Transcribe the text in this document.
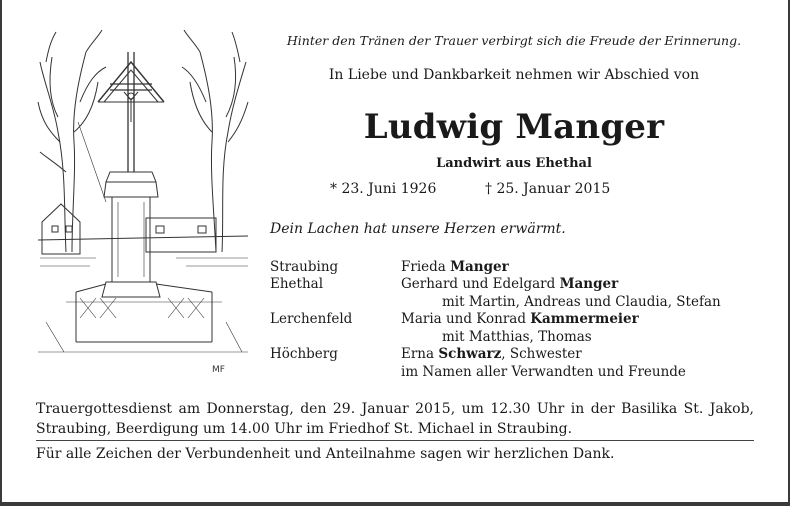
MF
Hinter den Tränen der Trauer verbirgt sich die Freude der Erinnerung.
In Liebe und Dankbarkeit nehmen wir Abschied von
Ludwig Manger
Landwirt aus Ehethal
* 23. Juni 1926	† 25. Januar 2015
Dein Lachen hat unsere Herzen erwärmt.
Straubing	Frieda Manger
Ehethal	Gerhard und Edelgard Manger
mit Martin, Andreas und Claudia, Stefan
Lerchenfeld	Maria und Konrad Kammermeier
mit Matthias, Thomas
Höchberg	Erna Schwarz, Schwester
im Namen aller Verwandten und Freunde
Trauergottesdienst am Donnerstag, den 29. Januar 2015, um 12.30 Uhr in der Basilika St. Jakob, Straubing, Beerdigung um 14.00 Uhr im Friedhof St. Michael in Straubing.
Für alle Zeichen der Verbundenheit und Anteilnahme sagen wir herzlichen Dank.
